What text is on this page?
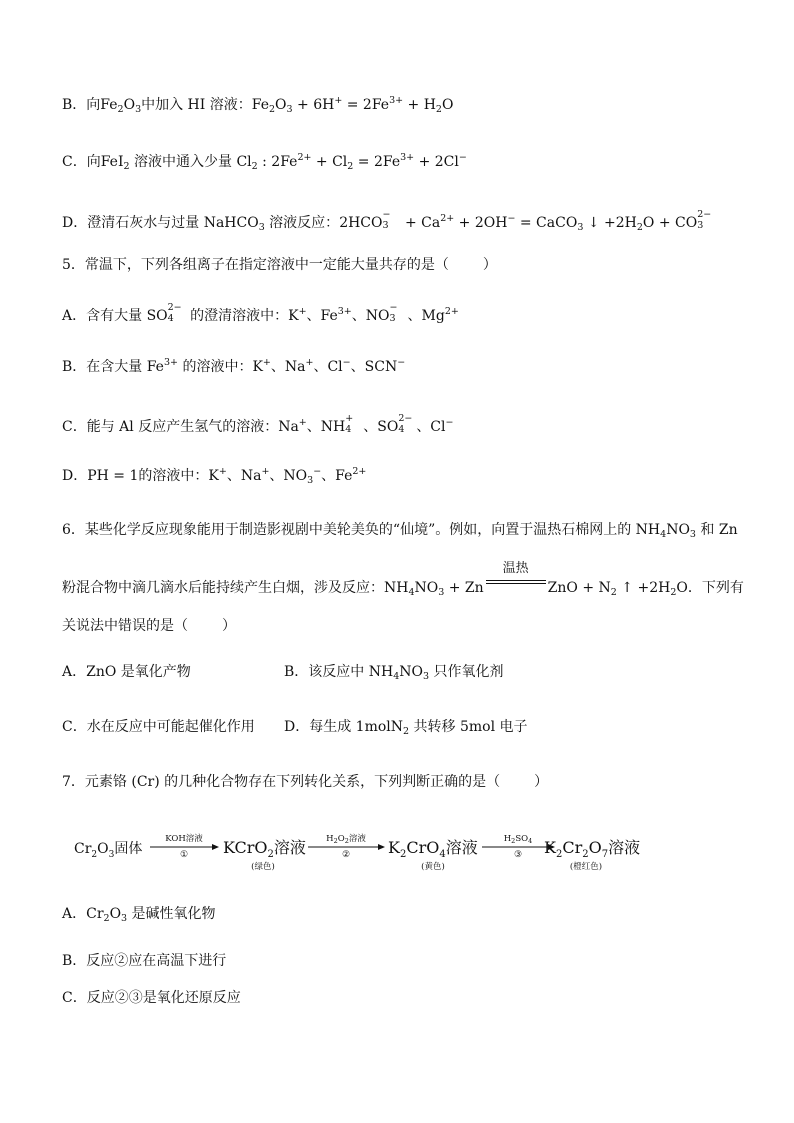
B．向$Fe_2O_3$中加入 HI 溶液：$Fe_2O_3 + 6H^+ = 2Fe^{3+} + H_2O$
C．向FeI$_2$ 溶液中通入少量 $Cl_2$ : $2Fe^{2+} + Cl_2 = 2Fe^{3+} + 2Cl^-$
D．澄清石灰水与过量 NaHCO$_3$ 溶液反应：2HCO
−
$3 + Ca^{2+} + 2OH^-$ = CaCO$_3$ ↓ $+2H_2O$ + CO
2−
3
5．常温下，下列各组离子在指定溶液中一定能大量共存的是（ ）
A．含有大量 SO
2−
4 的澄清溶液中：K+、$Fe^{3+}$、NO
−
3 、$Mg^{2+}$
B．在含大量 $Fe^{3+}$ 的溶液中：K+、Na+、Cl−、SCN−
C．能与 Al 反应产生氢气的溶液：Na+、NH
+
4 、SO
2−
4 、Cl−
D．PH = 1的溶液中：K+、Na+、$NO_3^-$、$Fe^{2+}$
6．某些化学反应现象能用于制造影视剧中美轮美奂的“仙境”。例如，向置于温热石棉网上的 $NH_4NO_3$ 和 Zn
粉混合物中滴几滴水后能持续产生白烟，涉及反应：$NH_4NO_3 + Zn$
温热
ZnO + $N_2$ ↑ $+2H_2O$．下列有
关说法中错误的是（ ）
A．ZnO 是氧化产物	B．该反应中 $NH_4NO_3$ 只作氧化剂
C．水在反应中可能起催化作用 D．每生成 1molN$_2$ 共转移 5mol 电子
7．元素铬 (Cr) 的几种化合物存在下列转化关系，下列判断正确的是（ ）
$Cr_2O_3$固体
KOH溶液
① KCrO$_2$溶液
(绿色)
$H_2O_2$溶液
② $K_2CrO_4$溶液
(黄色)
$H_2SO_4$
③ $K_2Cr_2O_7$溶液
(橙红色)
A．$Cr_2O_3$ 是碱性氧化物
B．反应②应在高温下进行
C．反应②③是氧化还原反应
